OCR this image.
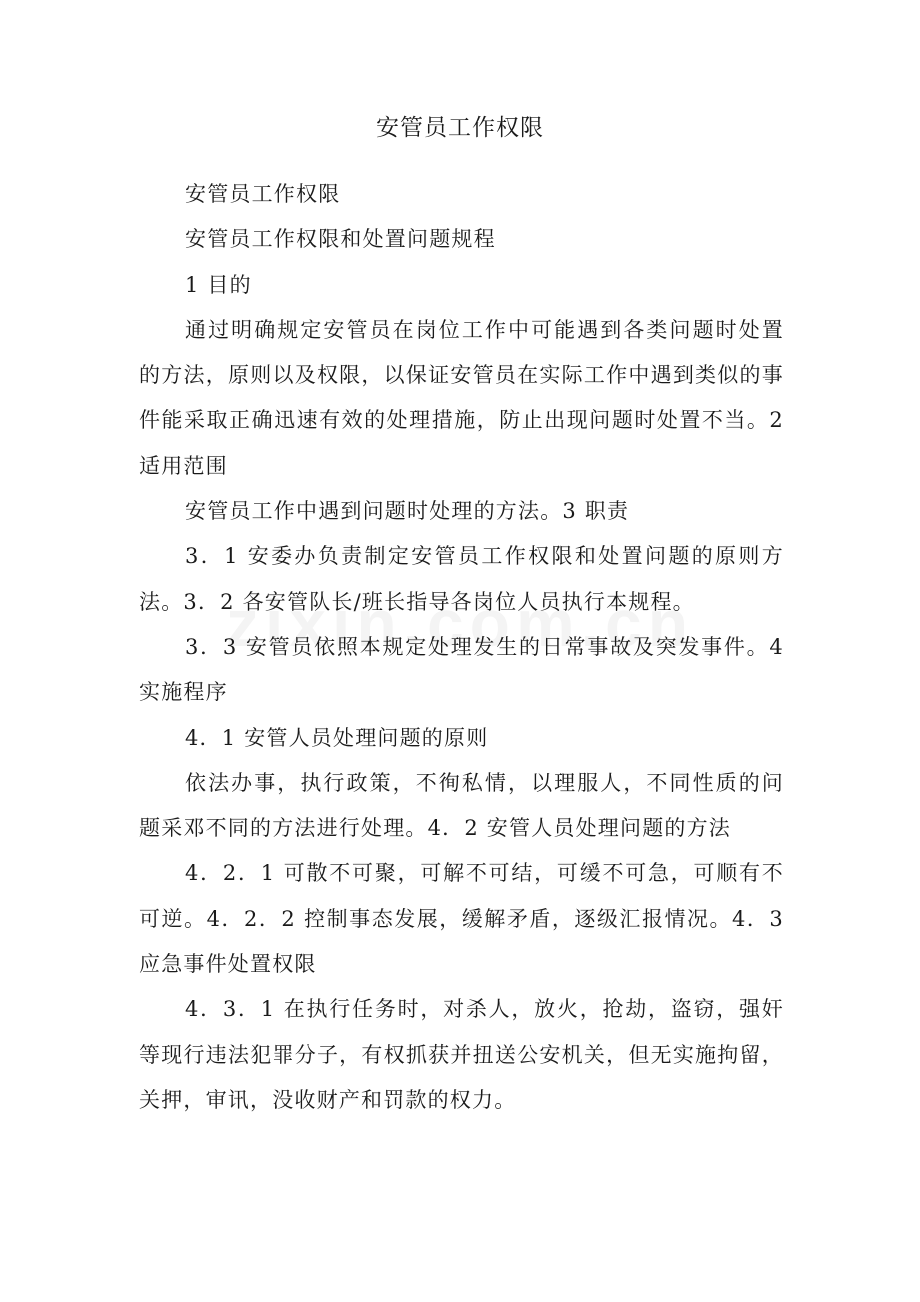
安管员工作权限

安管员工作权限

安管员工作权限和处置问题规程

1 目的

通过明确规定安管员在岗位工作中可能遇到各类问题时处置的方法，原则以及权限，以保证安管员在实际工作中遇到类似的事件能采取正确迅速有效的处理措施，防止出现问题时处置不当。2 适用范围

安管员工作中遇到问题时处理的方法。3 职责

3．1 安委办负责制定安管员工作权限和处置问题的原则方法。3．2 各安管队长/班长指导各岗位人员执行本规程。

3．3 安管员依照本规定处理发生的日常事故及突发事件。4 实施程序

4．1 安管人员处理问题的原则

依法办事，执行政策，不徇私情，以理服人，不同性质的问题采邓不同的方法进行处理。4．2 安管人员处理问题的方法

4．2．1 可散不可聚，可解不可结，可缓不可急，可顺有不可逆。4．2．2 控制事态发展，缓解矛盾，逐级汇报情况。4．3 应急事件处置权限

4．3．1 在执行任务时，对杀人，放火，抢劫，盗窃，强奸等现行违法犯罪分子，有权抓获并扭送公安机关，但无实施拘留，关押，审讯，没收财产和罚款的权力。
